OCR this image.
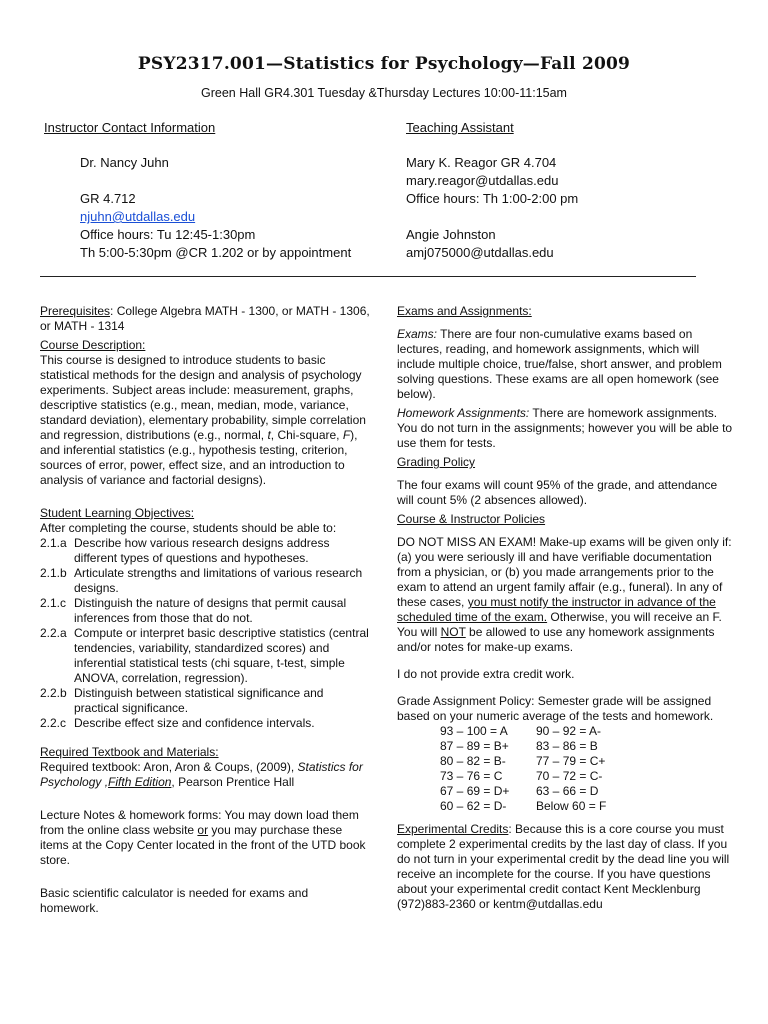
PSY2317.001—Statistics for Psychology—Fall 2009
Green Hall GR4.301 Tuesday &Thursday Lectures 10:00-11:15am
Instructor Contact Information
Dr. Nancy Juhn
GR 4.712
njuhn@utdallas.edu
Office hours: Tu 12:45-1:30pm
Th 5:00-5:30pm @CR 1.202 or by appointment
Teaching Assistant
Mary K. Reagor GR 4.704
mary.reagor@utdallas.edu
Office hours: Th 1:00-2:00 pm
Angie Johnston
amj075000@utdallas.edu

Prerequisites: College Algebra MATH - 1300, or MATH - 1306, or MATH - 1314

Course Description:

This course is designed to introduce students to basic statistical methods for the design and analysis of psychology experiments. Subject areas include: measurement, graphs, descriptive statistics (e.g., mean, median, mode, variance, standard deviation), elementary probability, simple correlation and regression, distributions (e.g., normal, t, Chi-square, F), and inferential statistics (e.g., hypothesis testing, criterion, sources of error, power, effect size, and an introduction to analysis of variance and factorial designs).

Student Learning Objectives:
After completing the course, students should be able to:
2.1.a Describe how various research designs address different types of questions and hypotheses.
2.1.b Articulate strengths and limitations of various research designs.
2.1.c Distinguish the nature of designs that permit causal inferences from those that do not.
2.2.a Compute or interpret basic descriptive statistics (central tendencies, variability, standardized scores) and inferential statistical tests (chi square, t-test, simple ANOVA, correlation, regression).
2.2.b Distinguish between statistical significance and practical significance.
2.2.c Describe effect size and confidence intervals.
Required Textbook and Materials:

Required textbook: Aron, Aron & Coups, (2009), Statistics for Psychology ,Fifth Edition, Pearson Prentice Hall

Lecture Notes & homework forms: You may down load them from the online class website or you may purchase these items at the Copy Center located in the front of the UTD book store.

Basic scientific calculator is needed for exams and homework.

Exams and Assignments:

Exams: There are four non-cumulative exams based on lectures, reading, and homework assignments, which will include multiple choice, true/false, short answer, and problem solving questions. These exams are all open homework (see below).

Homework Assignments: There are homework assignments. You do not turn in the assignments; however you will be able to use them for tests.

Grading Policy

The four exams will count 95% of the grade, and attendance will count 5% (2 absences allowed).

Course & Instructor Policies

DO NOT MISS AN EXAM! Make-up exams will be given only if: (a) you were seriously ill and have verifiable documentation from a physician, or (b) you made arrangements prior to the exam to attend an urgent family affair (e.g., funeral). In any of these cases, you must notify the instructor in advance of the scheduled time of the exam. Otherwise, you will receive an F. You will NOT be allowed to use any homework assignments and/or notes for make-up exams.

I do not provide extra credit work.

Grade Assignment Policy: Semester grade will be assigned based on your numeric average of the tests and homework.

93 – 100 = A	90 – 92 = A-
87 – 89 = B+	83 – 86 = B
80 – 82 = B-	77 – 79 = C+
73 – 76 = C	70 – 72 = C-
67 – 69 = D+	63 – 66 = D
60 – 62 = D-	Below 60 = F

Experimental Credits: Because this is a core course you must complete 2 experimental credits by the last day of class. If you do not turn in your experimental credit by the dead line you will receive an incomplete for the course. If you have questions about your experimental credit contact Kent Mecklenburg (972)883-2360 or kentm@utdallas.edu
